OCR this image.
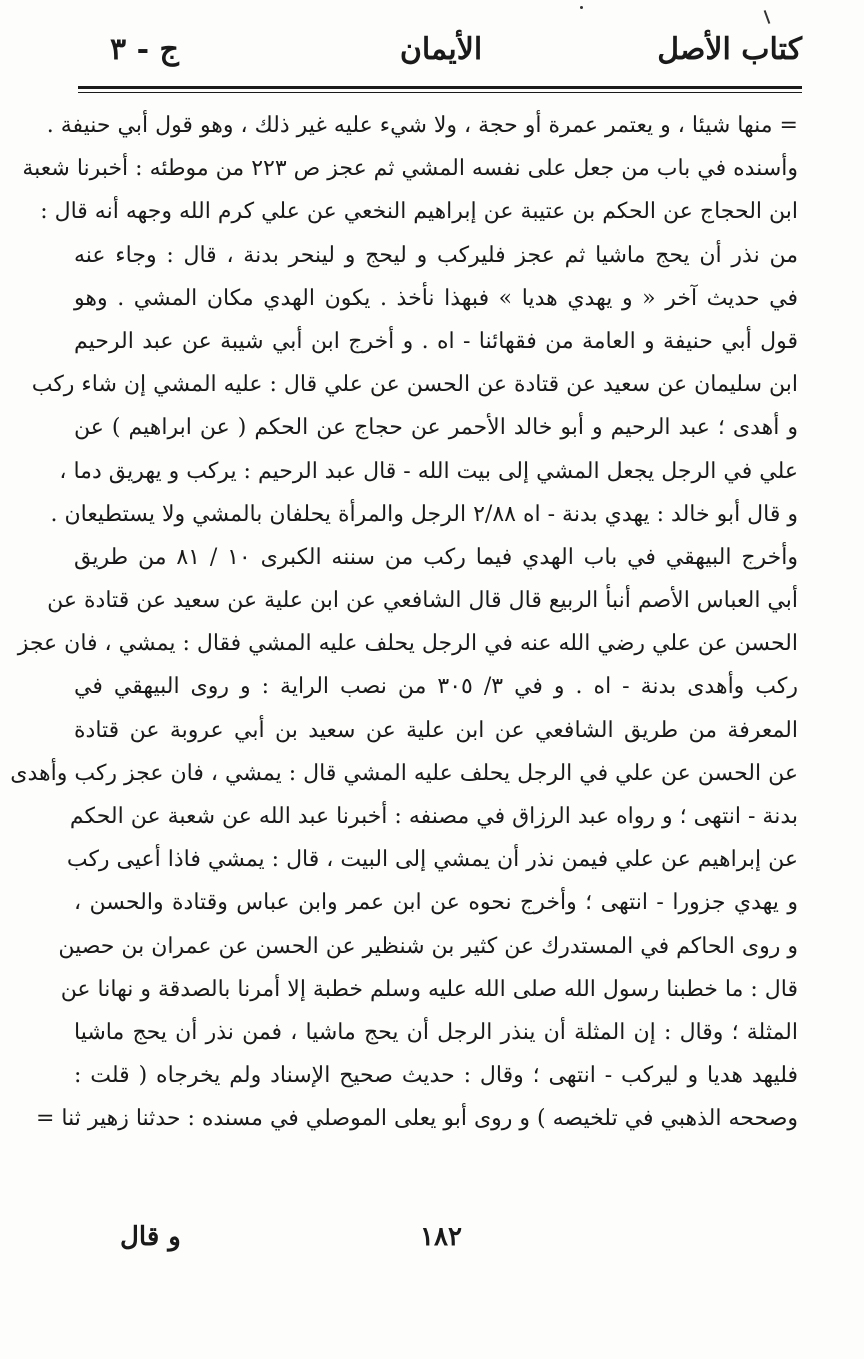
كتاب الأصل
الأيمان
ج - ٣
= منها شيئا ، و يعتمر عمرة أو حجة ، ولا شيء عليه غير ذلك ، وهو قول أبي حنيفة .
وأسنده في باب من جعل على نفسه المشي ثم عجز ص ٢٢٣ من موطئه : أخبرنا شعبة
ابن الحجاج عن الحكم بن عتيبة عن إبراهيم النخعي عن علي كرم الله وجهه أنه قال :
من نذر أن يحج ماشيا ثم عجز فليركب و ليحج و لينحر بدنة ، قال : وجاء عنه
في حديث آخر « و يهدي هديا » فبهذا نأخذ . يكون الهدي مكان المشي . وهو
قول أبي حنيفة و العامة من فقهائنا - اه . و أخرج ابن أبي شيبة عن عبد الرحيم
ابن سليمان عن سعيد عن قتادة عن الحسن عن علي قال : عليه المشي إن شاء ركب
و أهدى ؛ عبد الرحيم و أبو خالد الأحمر عن حجاج عن الحكم ( عن ابراهيم ) عن
علي في الرجل يجعل المشي إلى بيت الله - قال عبد الرحيم : يركب و يهريق دما ،
و قال أبو خالد : يهدي بدنة - اه ٢/٨٨ الرجل والمرأة يحلفان بالمشي ولا يستطيعان .
وأخرج البيهقي في باب الهدي فيما ركب من سننه الكبرى ١٠ / ٨١ من طريق
أبي العباس الأصم أنبأ الربيع قال قال الشافعي عن ابن علية عن سعيد عن قتادة عن
الحسن عن علي رضي الله عنه في الرجل يحلف عليه المشي فقال : يمشي ، فان عجز
ركب وأهدى بدنة - اه . و في ٣/ ٣٠٥ من نصب الراية : و روى البيهقي في
المعرفة من طريق الشافعي عن ابن علية عن سعيد بن أبي عروبة عن قتادة
عن الحسن عن علي في الرجل يحلف عليه المشي قال : يمشي ، فان عجز ركب وأهدى
بدنة - انتهى ؛ و رواه عبد الرزاق في مصنفه : أخبرنا عبد الله عن شعبة عن الحكم
عن إبراهيم عن علي فيمن نذر أن يمشي إلى البيت ، قال : يمشي فاذا أعيى ركب
و يهدي جزورا - انتهى ؛ وأخرج نحوه عن ابن عمر وابن عباس وقتادة والحسن ،
و روى الحاكم في المستدرك عن كثير بن شنظير عن الحسن عن عمران بن حصين
قال : ما خطبنا رسول الله صلى الله عليه وسلم خطبة إلا أمرنا بالصدقة و نهانا عن
المثلة ؛ وقال : إن المثلة أن ينذر الرجل أن يحج ماشيا ، فمن نذر أن يحج ماشيا
فليهد هديا و ليركب - انتهى ؛ وقال : حديث صحيح الإسناد ولم يخرجاه ( قلت :
وصححه الذهبي في تلخيصه ) و روى أبو يعلى الموصلي في مسنده : حدثنا زهير ثنا =
١٨٢
و قال
